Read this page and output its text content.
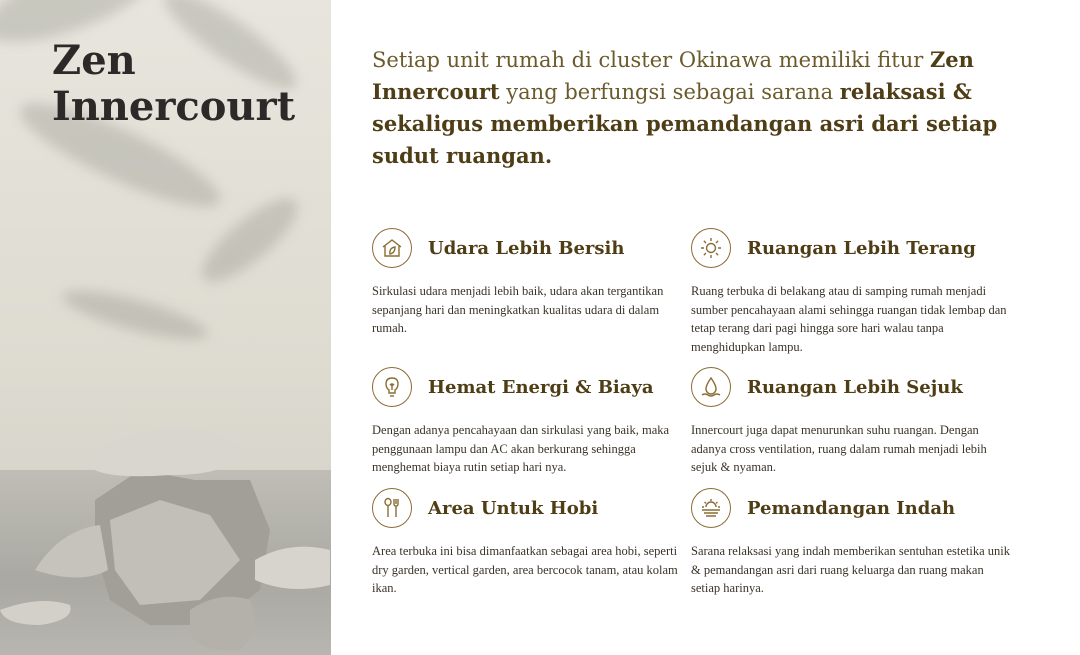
Zen
Innercourt

Setiap unit rumah di cluster Okinawa memiliki fitur Zen Innercourt yang berfungsi sebagai sarana relaksasi & sekaligus memberikan pemandangan asri dari setiap sudut ruangan.

Udara Lebih Bersih

Sirkulasi udara menjadi lebih baik, udara akan tergantikan sepanjang hari dan meningkatkan kualitas udara di dalam rumah.

Ruangan Lebih Terang

Ruang terbuka di belakang atau di samping rumah menjadi sumber pencahayaan alami sehingga ruangan tidak lembap dan tetap terang dari pagi hingga sore hari walau tanpa menghidupkan lampu.

Hemat Energi & Biaya

Dengan adanya pencahayaan dan sirkulasi yang baik, maka penggunaan lampu dan AC akan berkurang sehingga menghemat biaya rutin setiap hari nya.

Ruangan Lebih Sejuk

Innercourt juga dapat menurunkan suhu ruangan. Dengan adanya cross ventilation, ruang dalam rumah menjadi lebih sejuk & nyaman.

Area Untuk Hobi

Area terbuka ini bisa dimanfaatkan sebagai area hobi, seperti dry garden, vertical garden, area bercocok tanam, atau kolam ikan.

Pemandangan Indah

Sarana relaksasi yang indah memberikan sentuhan estetika unik & pemandangan asri dari ruang keluarga dan ruang makan setiap harinya.
